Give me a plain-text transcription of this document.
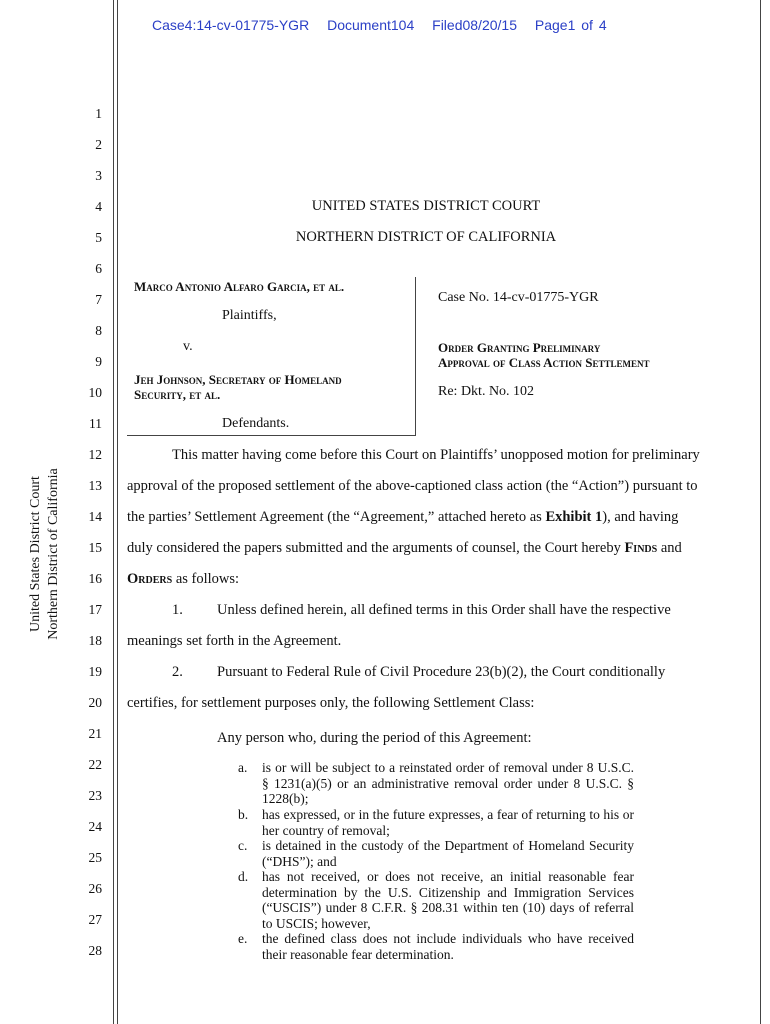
Case4:14-cv-01775-YGR Document104 Filed08/20/15 Page1 of 4
United States District Court Northern District of California
1
2
3
4
5
6
7
8
9
10
11
12
13
14
15
16
17
18
19
20
21
22
23
24
25
26
27
28
UNITED STATES DISTRICT COURT
NORTHERN DISTRICT OF CALIFORNIA
Marco Antonio Alfaro Garcia, et al.
Plaintiffs,
v.
Jeh Johnson, Secretary of Homeland
Security, et al.
Defendants.
Case No. 14-cv-01775-YGR
Order Granting Preliminary
Approval of Class Action Settlement
Re: Dkt. No. 102
This matter having come before this Court on Plaintiffs’ unopposed motion for preliminary
approval of the proposed settlement of the above-captioned class action (the “Action”) pursuant to
the parties’ Settlement Agreement (the “Agreement,” attached hereto as Exhibit 1), and having
duly considered the papers submitted and the arguments of counsel, the Court hereby Finds and
Orders as follows:
1. Unless defined herein, all defined terms in this Order shall have the respective
meanings set forth in the Agreement.
2. Pursuant to Federal Rule of Civil Procedure 23(b)(2), the Court conditionally
certifies, for settlement purposes only, the following Settlement Class:
Any person who, during the period of this Agreement:
a. is or will be subject to a reinstated order of removal under 8 U.S.C. § 1231(a)(5) or an administrative removal order under 8 U.S.C. § 1228(b);
b. has expressed, or in the future expresses, a fear of returning to his or her country of removal;
c. is detained in the custody of the Department of Homeland Security (“DHS”); and
d. has not received, or does not receive, an initial reasonable fear determination by the U.S. Citizenship and Immigration Services (“USCIS”) under 8 C.F.R. § 208.31 within ten (10) days of referral to USCIS; however,
e. the defined class does not include individuals who have received their reasonable fear determination.
